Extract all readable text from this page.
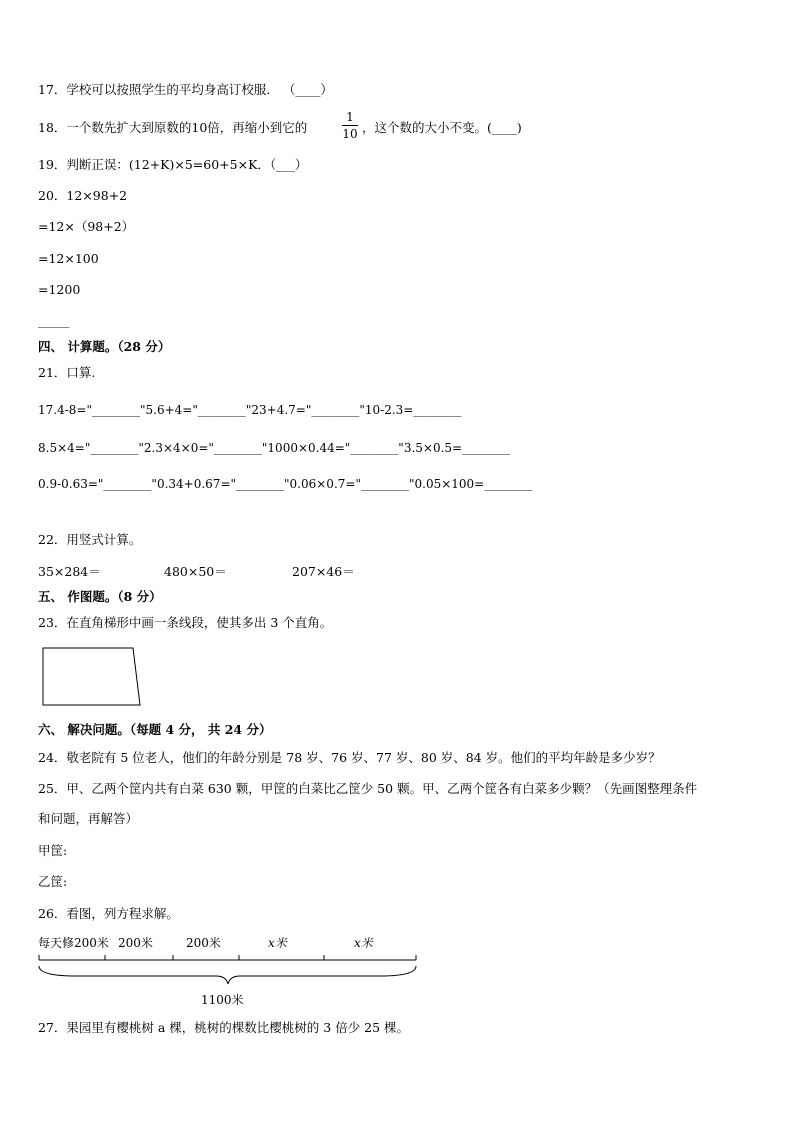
17．学校可以按照学生的平均身高订校服． （____）
18．一个数先扩大到原数的10倍，再缩小到它的
1
10 ，这个数的大小不变。(____)
19．判断正误：(12+K)×5=60+5×K．（___）
20．12×98+2
=12×（98+2）
=12×100
=1200
_____
四、 计算题。（28 分）
21．口算.
17.4-8="________"5.6+4="________"23+4.7="________"10-2.3=________
8.5×4="________"2.3×4×0="________"1000×0.44="________"3.5×0.5=________
0.9-0.63="________"0.34+0.67="________"0.06×0.7="________"0.05×100=________
22．用竖式计算。
35×284＝	480×50＝	207×46＝
五、 作图题。（8 分）
23．在直角梯形中画一条线段，使其多出 3 个直角。
六、 解决问题。（每题 4 分， 共 24 分）
24．敬老院有 5 位老人，他们的年龄分别是 78 岁、76 岁、77 岁、80 岁、84 岁。他们的平均年龄是多少岁？
25．甲、乙两个筐内共有白菜 630 颗，甲筐的白菜比乙筐少 50 颗。甲、乙两个筐各有白菜多少颗？（先画图整理条件
和问题，再解答）
甲筐:
乙筐:
26．看图，列方程求解。
每天修200米 200米	200米	x米	x米
1100米
27．果园里有樱桃树 a 棵，桃树的棵数比樱桃树的 3 倍少 25 棵。
